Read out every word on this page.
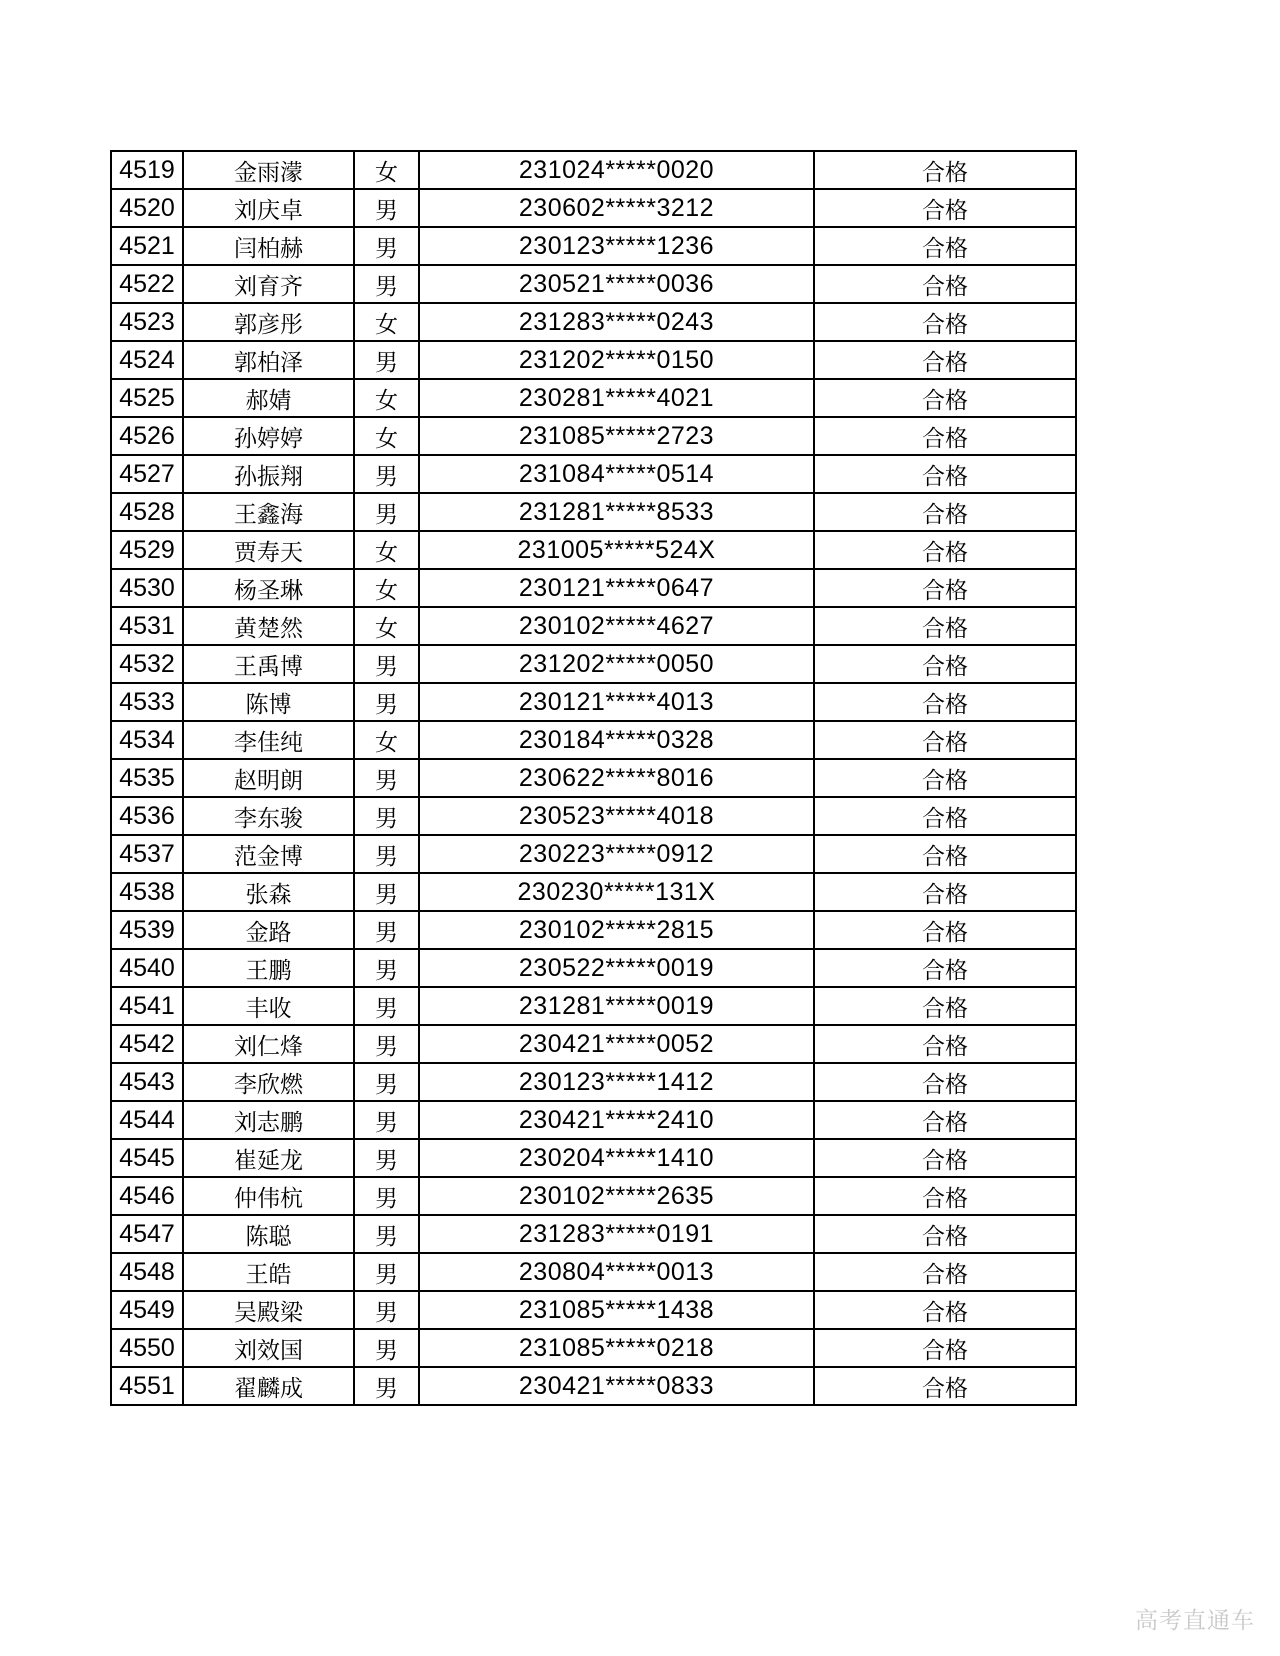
4519	金雨濛	女	231024*****0020	合格
4520	刘庆卓	男	230602*****3212	合格
4521	闫柏赫	男	230123*****1236	合格
4522	刘育齐	男	230521*****0036	合格
4523	郭彦彤	女	231283*****0243	合格
4524	郭柏泽	男	231202*****0150	合格
4525	郝婧	女	230281*****4021	合格
4526	孙婷婷	女	231085*****2723	合格
4527	孙振翔	男	231084*****0514	合格
4528	王鑫海	男	231281*****8533	合格
4529	贾寿天	女	231005*****524X	合格
4530	杨圣琳	女	230121*****0647	合格
4531	黄楚然	女	230102*****4627	合格
4532	王禹博	男	231202*****0050	合格
4533	陈博	男	230121*****4013	合格
4534	李佳纯	女	230184*****0328	合格
4535	赵明朗	男	230622*****8016	合格
4536	李东骏	男	230523*****4018	合格
4537	范金博	男	230223*****0912	合格
4538	张森	男	230230*****131X	合格
4539	金路	男	230102*****2815	合格
4540	王鹏	男	230522*****0019	合格
4541	丰收	男	231281*****0019	合格
4542	刘仁烽	男	230421*****0052	合格
4543	李欣燃	男	230123*****1412	合格
4544	刘志鹏	男	230421*****2410	合格
4545	崔延龙	男	230204*****1410	合格
4546	仲伟杭	男	230102*****2635	合格
4547	陈聪	男	231283*****0191	合格
4548	王皓	男	230804*****0013	合格
4549	吴殿梁	男	231085*****1438	合格
4550	刘效国	男	231085*****0218	合格
4551	翟麟成	男	230421*****0833	合格
高考直通车
